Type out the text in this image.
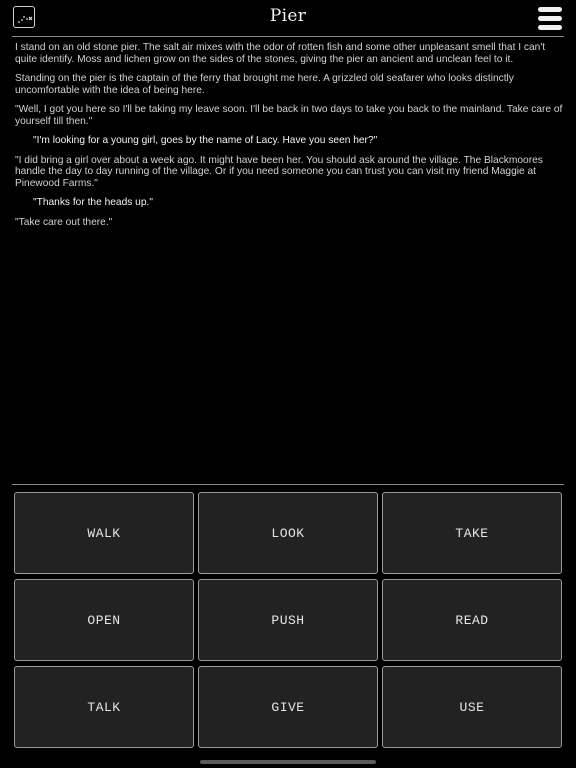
Pier

I stand on an old stone pier. The salt air mixes with the odor of rotten fish and some other unpleasant smell that I can't quite identify. Moss and lichen grow on the sides of the stones, giving the pier an ancient and unclean feel to it.

Standing on the pier is the captain of the ferry that brought me here. A grizzled old seafarer who looks distinctly uncomfortable with the idea of being here.

"Well, I got you here so I'll be taking my leave soon. I'll be back in two days to take you back to the mainland. Take care of yourself till then."

"I'm looking for a young girl, goes by the name of Lacy. Have you seen her?"

"I did bring a girl over about a week ago. It might have been her. You should ask around the village. The Blackmoores handle the day to day running of the village. Or if you need someone you can trust you can visit my friend Maggie at Pinewood Farms."

"Thanks for the heads up."

"Take care out there."

WALK	LOOK	TAKE
OPEN	PUSH	READ
TALK	GIVE	USE
